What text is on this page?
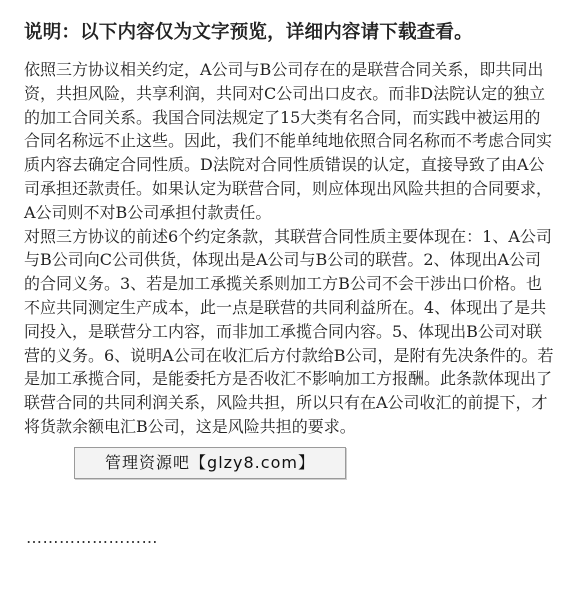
说明：以下内容仅为文字预览，详细内容请下载查看。

依照三方协议相关约定，A公司与B公司存在的是联营合同关系，即共同出资，共担风险，共享利润，共同对C公司出口皮衣。而非D法院认定的独立的加工合同关系。我国合同法规定了15大类有名合同，而实践中被运用的合同名称远不止这些。因此，我们不能单纯地依照合同名称而不考虑合同实质内容去确定合同性质。D法院对合同性质错误的认定，直接导致了由A公司承担还款责任。如果认定为联营合同，则应体现出风险共担的合同要求，A公司则不对B公司承担付款责任。

对照三方协议的前述6个约定条款，其联营合同性质主要体现在：1、A公司与B公司向C公司供货，体现出是A公司与B公司的联营。2、体现出A公司的合同义务。3、若是加工承揽关系则加工方B公司不会干涉出口价格。也不应共同测定生产成本，此一点是联营的共同利益所在。4、体现出了是共同投入，是联营分工内容，而非加工承揽合同内容。5、体现出B公司对联营的义务。6、说明A公司在收汇后方付款给B公司，是附有先决条件的。若是加工承揽合同，是能委托方是否收汇不影响加工方报酬。此条款体现出了联营合同的共同利润关系，风险共担，所以只有在A公司收汇的前提下，才将货款余额电汇B公司，这是风险共担的要求。

……………………
管理资源吧【glzy8.com】
